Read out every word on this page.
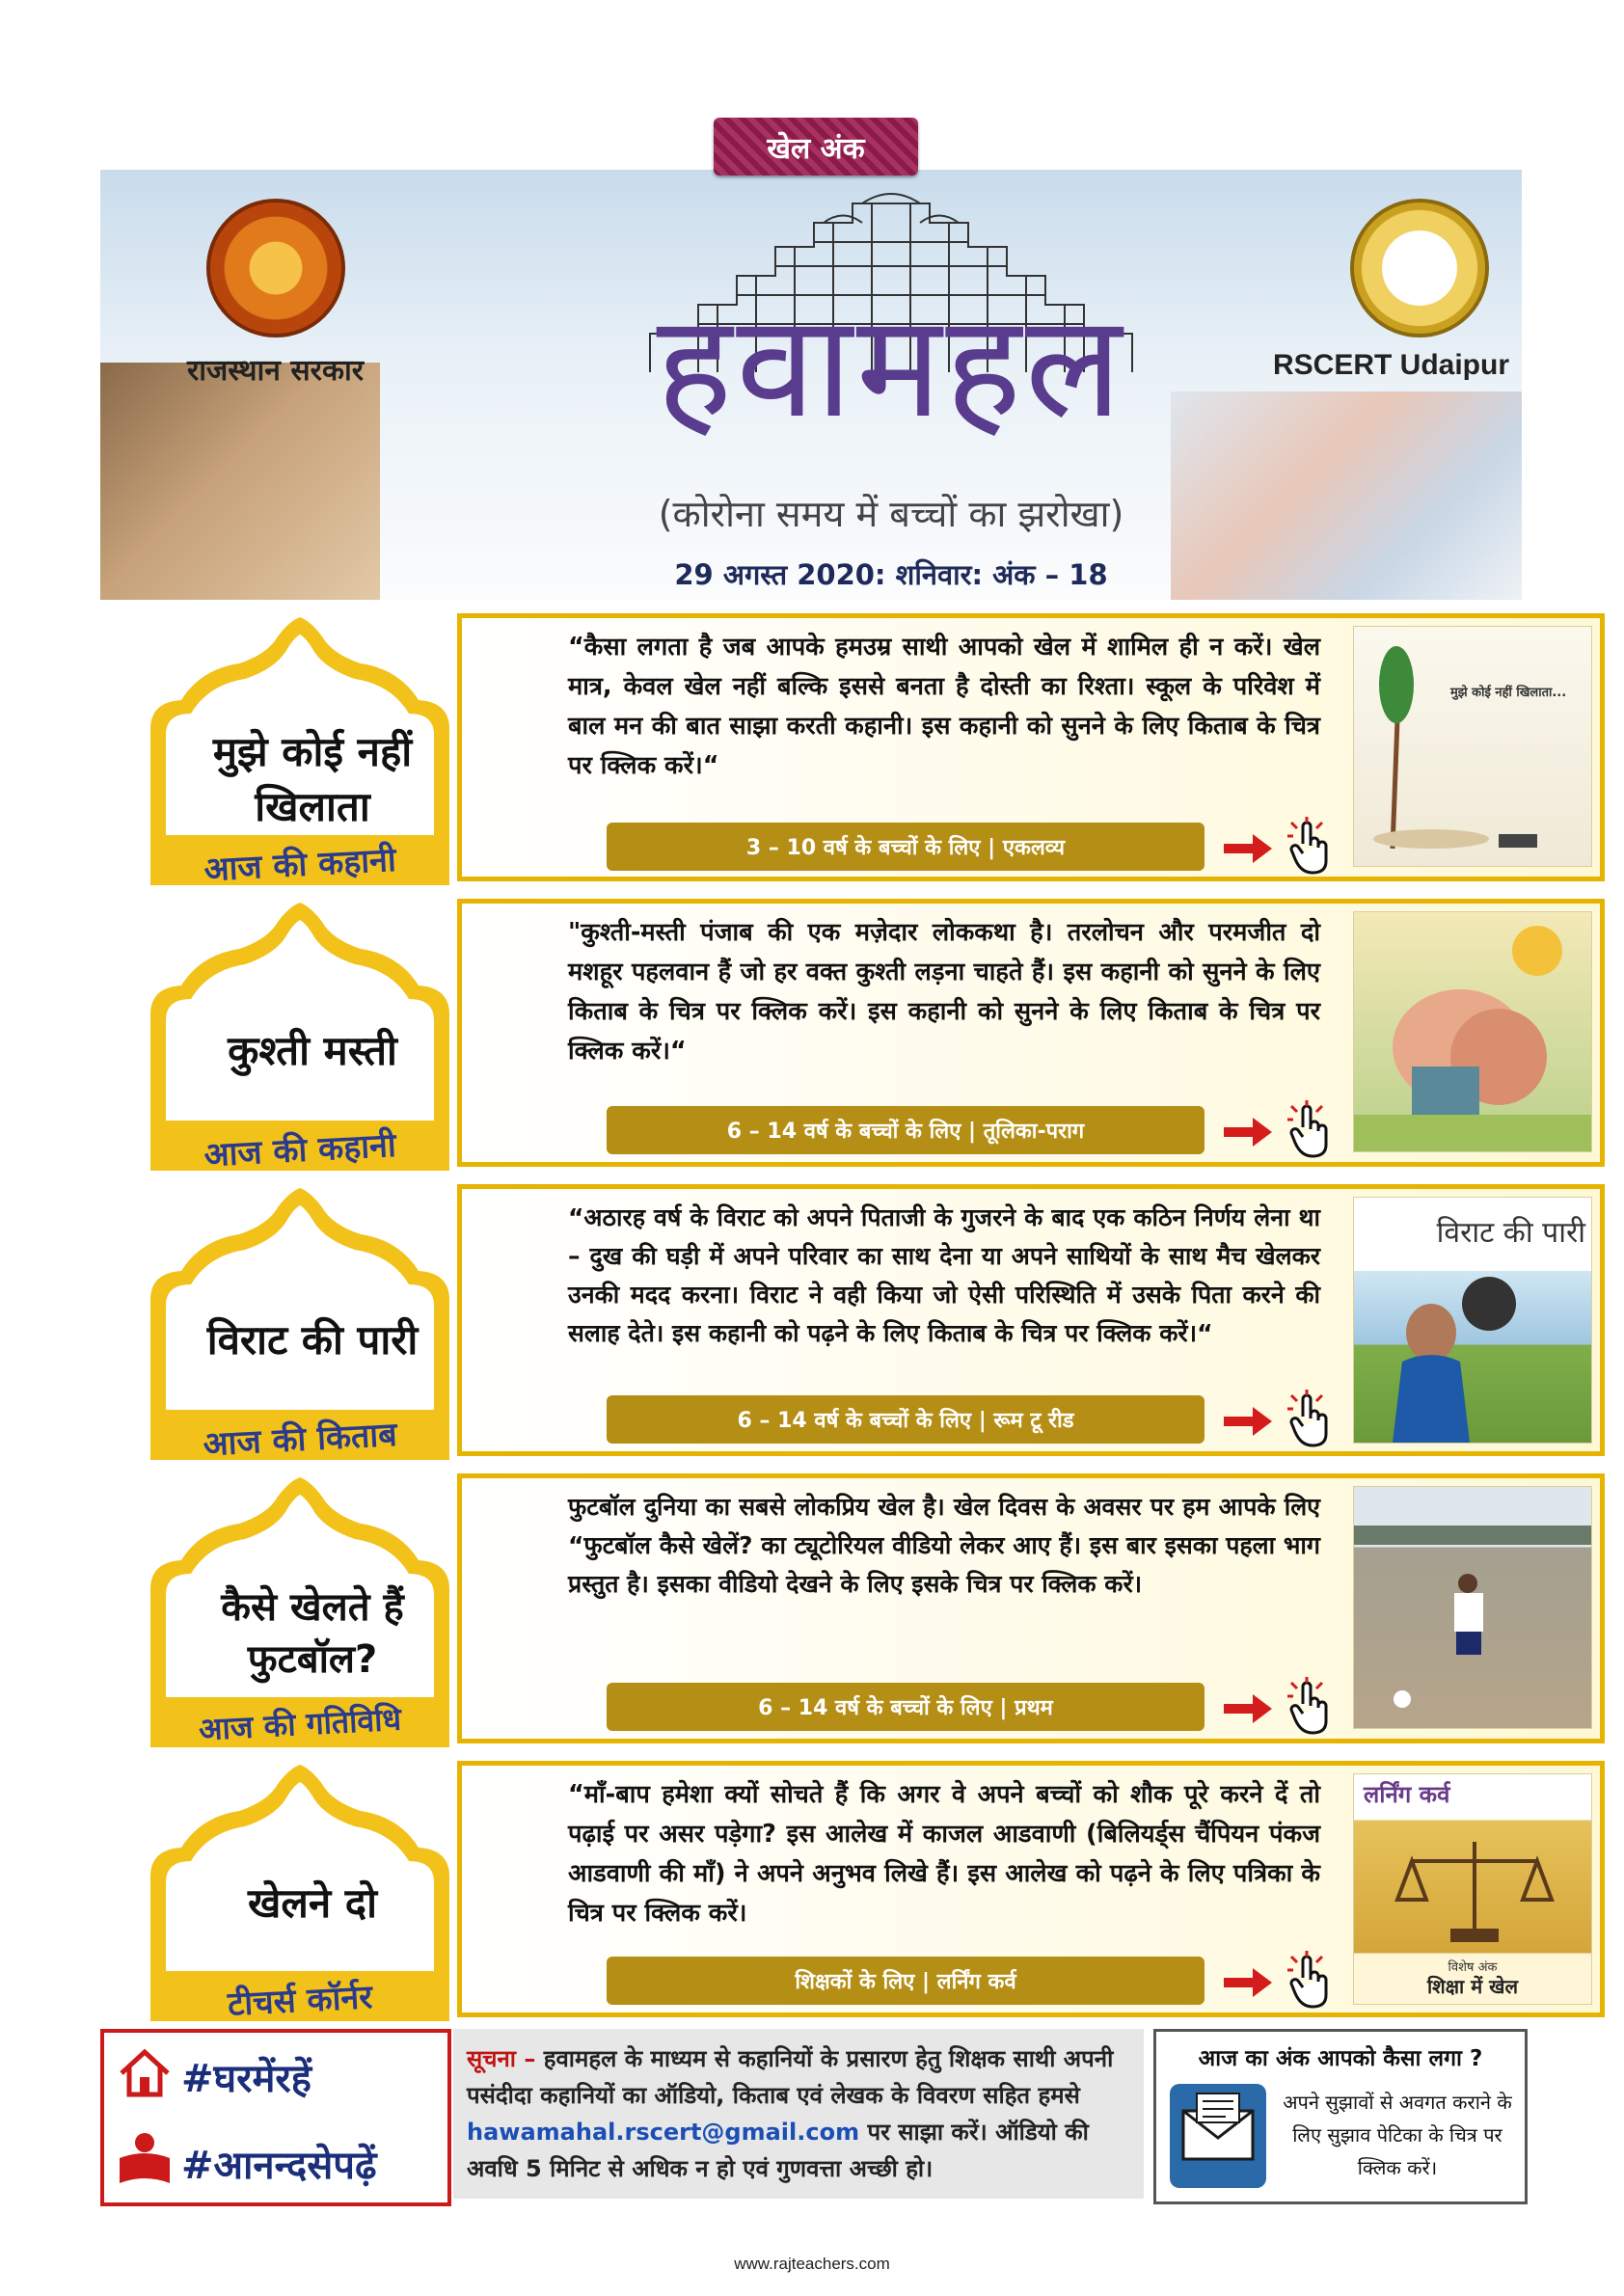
खेल अंक
राजस्थान सरकार	RSCERT Udaipur
हवामहल
(कोरोना समय में बच्चों का झरोखा)
29 अगस्त 2020: शनिवार: अंक – 18
“कैसा लगता है जब आपके हमउम्र साथी आपको खेल में शामिल ही न करें। खेल मात्र, केवल खेल नहीं बल्कि इससे बनता है दोस्ती का रिश्ता। स्कूल के परिवेश में बाल मन की बात साझा करती कहानी। इस कहानी को सुनने के लिए किताब के चित्र पर क्लिक करें।“
3 – 10 वर्ष के बच्चों के लिए | एकलव्य
मुझे कोई नहीं खिलाता...
मुझे कोई नहीं खिलाता
आज की कहानी
"कुश्ती-मस्ती पंजाब की एक मज़ेदार लोककथा है। तरलोचन और परमजीत दो मशहूर पहलवान हैं जो हर वक्त कुश्ती लड़ना चाहते हैं। इस कहानी को सुनने के लिए किताब के चित्र पर क्लिक करें। इस कहानी को सुनने के लिए किताब के चित्र पर क्लिक करें।“
6 – 14 वर्ष के बच्चों के लिए | तूलिका-पराग
कुश्ती मस्ती
आज की कहानी
“अठारह वर्ष के विराट को अपने पिताजी के गुजरने के बाद एक कठिन निर्णय लेना था – दुख की घड़ी में अपने परिवार का साथ देना या अपने साथियों के साथ मैच खेलकर उनकी मदद करना। विराट ने वही किया जो ऐसी परिस्थिति में उसके पिता करने की सलाह देते। इस कहानी को पढ़ने के लिए किताब के चित्र पर क्लिक करें।“
6 – 14 वर्ष के बच्चों के लिए | रूम टू रीड
विराट की पारी
विराट की पारी
आज की किताब
फुटबॉल दुनिया का सबसे लोकप्रिय खेल है। खेल दिवस के अवसर पर हम आपके लिए “फुटबॉल कैसे खेलें? का ट्यूटोरियल वीडियो लेकर आए हैं। इस बार इसका पहला भाग प्रस्तुत है। इसका वीडियो देखने के लिए इसके चित्र पर क्लिक करें।
6 – 14 वर्ष के बच्चों के लिए | प्रथम
कैसे खेलते हैं फुटबॉल?
आज की गतिविधि
“माँ-बाप हमेशा क्यों सोचते हैं कि अगर वे अपने बच्चों को शौक पूरे करने दें तो पढ़ाई पर असर पड़ेगा? इस आलेख में काजल आडवाणी (बिलियर्ड्स चैंपियन पंकज आडवाणी की माँ) ने अपने अनुभव लिखे हैं। इस आलेख को पढ़ने के लिए पत्रिका के चित्र पर क्लिक करें।
शिक्षकों के लिए | लर्निंग कर्व
लर्निंग कर्व
विशेष अंक
शिक्षा में खेल
खेलने दो
टीचर्स कॉर्नर
#घरमेंरहें
#आनन्दसेपढ़ें
सूचना – हवामहल के माध्यम से कहानियों के प्रसारण हेतु शिक्षक साथी अपनी पसंदीदा कहानियों का ऑडियो, किताब एवं लेखक के विवरण सहित हमसे hawamahal.rscert@gmail.com पर साझा करें। ऑडियो की अवधि 5 मिनिट से अधिक न हो एवं गुणवत्ता अच्छी हो।
आज का अंक आपको कैसा लगा ?
अपने सुझावों से अवगत कराने के लिए सुझाव पेटिका के चित्र पर क्लिक करें।
www.rajteachers.com
